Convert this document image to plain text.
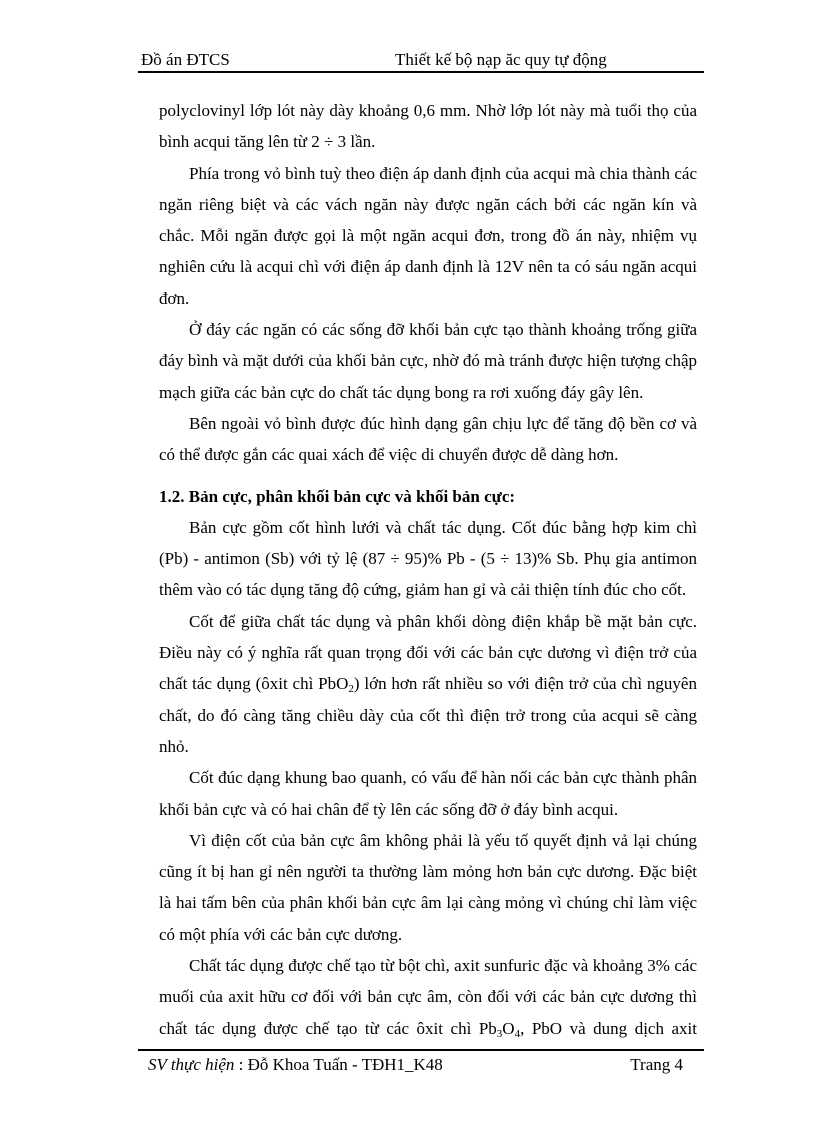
Đồ án ĐTCS	Thiết kế bộ nạp ăc quy tự động

polyclovinyl lớp lót này dày khoảng 0,6 mm. Nhờ lớp lót này mà tuổi thọ của bình acqui tăng lên từ 2 ÷ 3 lần.

Phía trong vỏ bình tuỳ theo điện áp danh định của acqui mà chia thành các ngăn riêng biệt và các vách ngăn này được ngăn cách bởi các ngăn kín và chắc. Mỗi ngăn được gọi là một ngăn acqui đơn, trong đồ án này, nhiệm vụ nghiên cứu là acqui chì với điện áp danh định là 12V nên ta có sáu ngăn acqui đơn.

Ở đáy các ngăn có các sống đỡ khối bản cực tạo thành khoảng trống giữa đáy bình và mặt dưới của khối bản cực, nhờ đó mà tránh được hiện tượng chập mạch giữa các bản cực do chất tác dụng bong ra rơi xuống đáy gây lên.

Bên ngoài vỏ bình được đúc hình dạng gân chịu lực để tăng độ bền cơ và có thể được gắn các quai xách để việc di chuyển được dễ dàng hơn.

1.2. Bản cực, phân khối bản cực và khối bản cực:

Bản cực gồm cốt hình lưới và chất tác dụng. Cốt đúc bằng hợp kim chì (Pb) - antimon (Sb) với tỷ lệ (87 ÷ 95)% Pb - (5 ÷ 13)% Sb. Phụ gia antimon thêm vào có tác dụng tăng độ cứng, giảm han gỉ và cải thiện tính đúc cho cốt.

Cốt để giữa chất tác dụng và phân khối dòng điện khắp bề mặt bản cực. Điều này có ý nghĩa rất quan trọng đối với các bản cực dương vì điện trở của chất tác dụng (ôxit chì PbO$_2$) lớn hơn rất nhiều so với điện trở của chì nguyên chất, do đó càng tăng chiều dày của cốt thì điện trở trong của acqui sẽ càng nhỏ.

Cốt đúc dạng khung bao quanh, có vấu để hàn nối các bản cực thành phân khối bản cực và có hai chân để tỳ lên các sống đỡ ở đáy bình acqui.

Vì điện cốt của bản cực âm không phải là yếu tố quyết định vả lại chúng cũng ít bị han gỉ nên người ta thường làm mỏng hơn bản cực dương. Đặc biệt là hai tấm bên của phân khối bản cực âm lại càng mỏng vì chúng chỉ làm việc có một phía với các bản cực dương.

Chất tác dụng được chế tạo từ bột chì, axit sunfuric đặc và khoảng 3% các muối của axit hữu cơ đối với bản cực âm, còn đối với các bản cực dương thì chất tác dụng được chế tạo từ các ôxit chì $Pb_3O_4$, PbO và dung dịch axit

SV thực hiện : Đỗ Khoa Tuấn - TĐH1_K48	Trang 4
